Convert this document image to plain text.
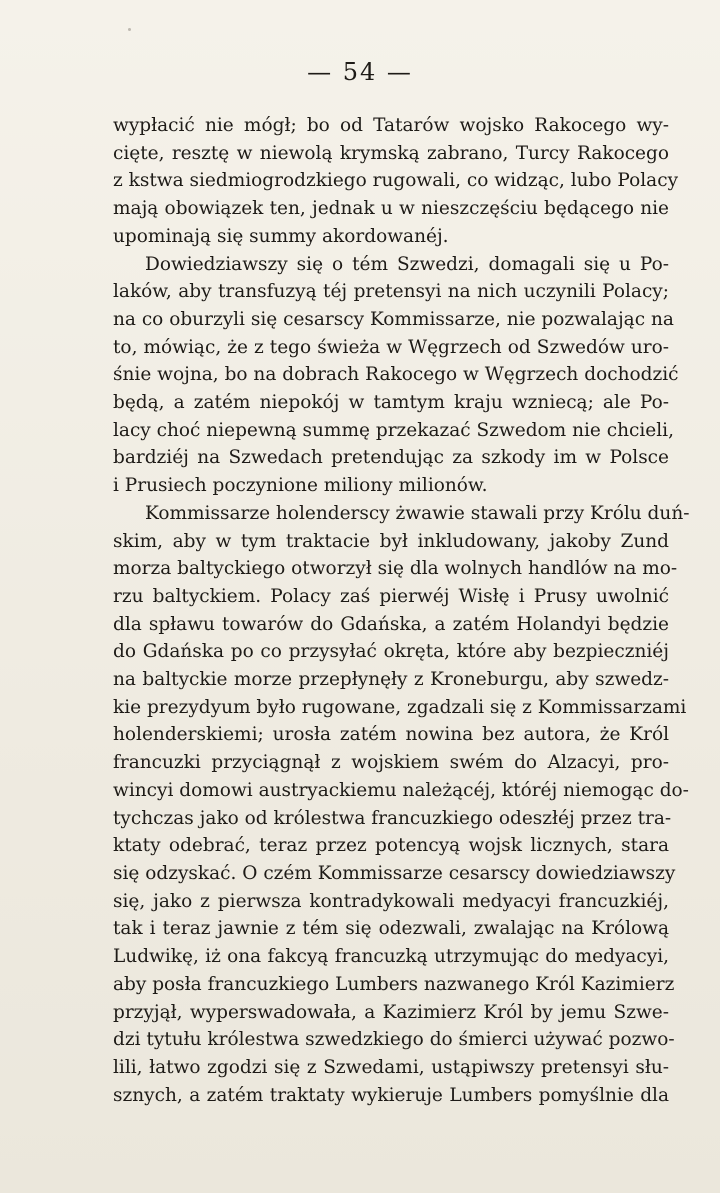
— 54 —
wypłacić nie mógł; bo od Tatarów wojsko Rakocego wy-
cięte, resztę w niewolą krymską zabrano, Turcy Rakocego
z kstwa siedmiogrodzkiego rugowali, co widząc, lubo Polacy
mają obowiązek ten, jednak u w nieszczęściu będącego nie
upominają się summy akordowanéj.
Dowiedziawszy się o tém Szwedzi, domagali się u Po-
laków, aby transfuzyą téj pretensyi na nich uczynili Polacy;
na co oburzyli się cesarscy Kommissarze, nie pozwalając na
to, mówiąc, że z tego świeża w Węgrzech od Szwedów uro-
śnie wojna, bo na dobrach Rakocego w Węgrzech dochodzić
będą, a zatém niepokój w tamtym kraju wzniecą; ale Po-
lacy choć niepewną summę przekazać Szwedom nie chcieli,
bardziéj na Szwedach pretendując za szkody im w Polsce
i Prusiech poczynione miliony milionów.
Kommissarze holenderscy żwawie stawali przy Królu duń-
skim, aby w tym traktacie był inkludowany, jakoby Zund
morza baltyckiego otworzył się dla wolnych handlów na mo-
rzu baltyckiem. Polacy zaś pierwéj Wisłę i Prusy uwolnić
dla spławu towarów do Gdańska, a zatém Holandyi będzie
do Gdańska po co przysyłać okręta, które aby bezpieczniéj
na baltyckie morze przepłynęły z Kroneburgu, aby szwedz-
kie prezydyum było rugowane, zgadzali się z Kommissarzami
holenderskiemi; urosła zatém nowina bez autora, że Król
francuzki przyciągnął z wojskiem swém do Alzacyi, pro-
wincyi domowi austryackiemu należącéj, któréj niemogąc do-
tychczas jako od królestwa francuzkiego odeszłéj przez tra-
ktaty odebrać, teraz przez potencyą wojsk licznych, stara
się odzyskać. O czém Kommissarze cesarscy dowiedziawszy
się, jako z pierwsza kontradykowali medyacyi francuzkiéj,
tak i teraz jawnie z tém się odezwali, zwalając na Królową
Ludwikę, iż ona fakcyą francuzką utrzymując do medyacyi,
aby posła francuzkiego Lumbers nazwanego Król Kazimierz
przyjął, wyperswadowała, a Kazimierz Król by jemu Szwe-
dzi tytułu królestwa szwedzkiego do śmierci używać pozwo-
lili, łatwo zgodzi się z Szwedami, ustąpiwszy pretensyi słu-
sznych, a zatém traktaty wykieruje Lumbers pomyślnie dla
